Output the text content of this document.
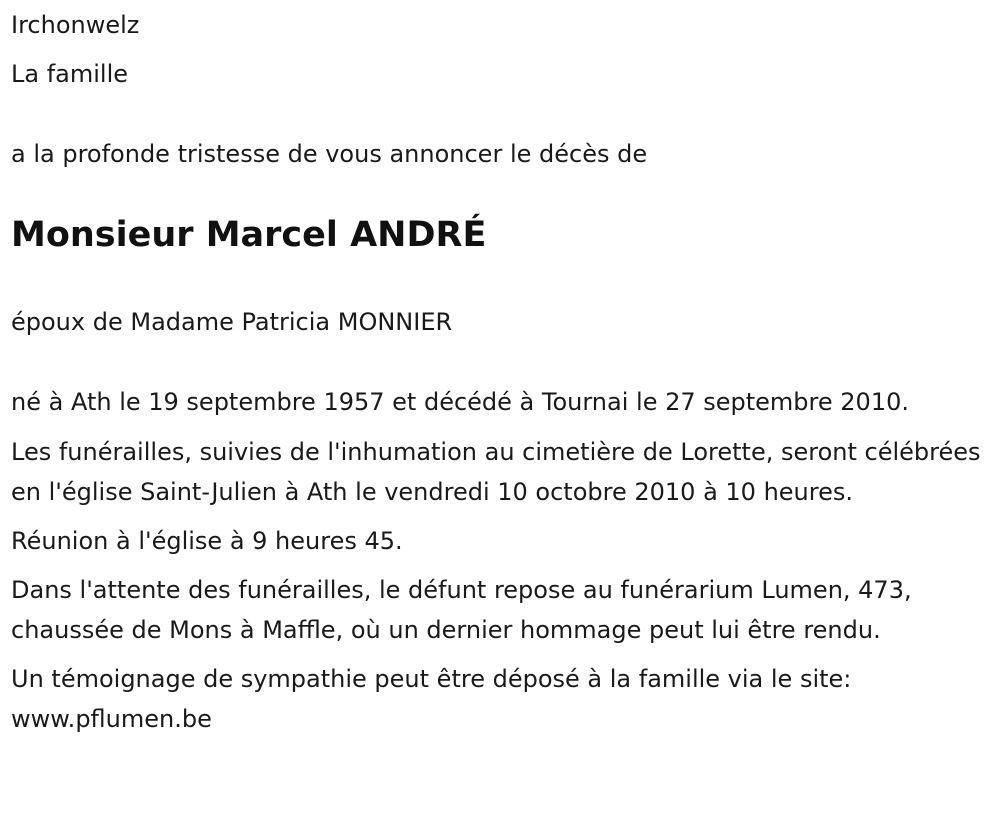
Irchonwelz

La famille

a la profonde tristesse de vous annoncer le décès de

Monsieur Marcel ANDRÉ

époux de Madame Patricia MONNIER

né à Ath le 19 septembre 1957 et décédé à Tournai le 27 septembre 2010.

Les funérailles, suivies de l'inhumation au cimetière de Lorette, seront célébrées en l'église Saint-Julien à Ath le vendredi 10 octobre 2010 à 10 heures.

Réunion à l'église à 9 heures 45.

Dans l'attente des funérailles, le défunt repose au funérarium Lumen, 473, chaussée de Mons à Maffle, où un dernier hommage peut lui être rendu.

Un témoignage de sympathie peut être déposé à la famille via le site: www.pflumen.be
